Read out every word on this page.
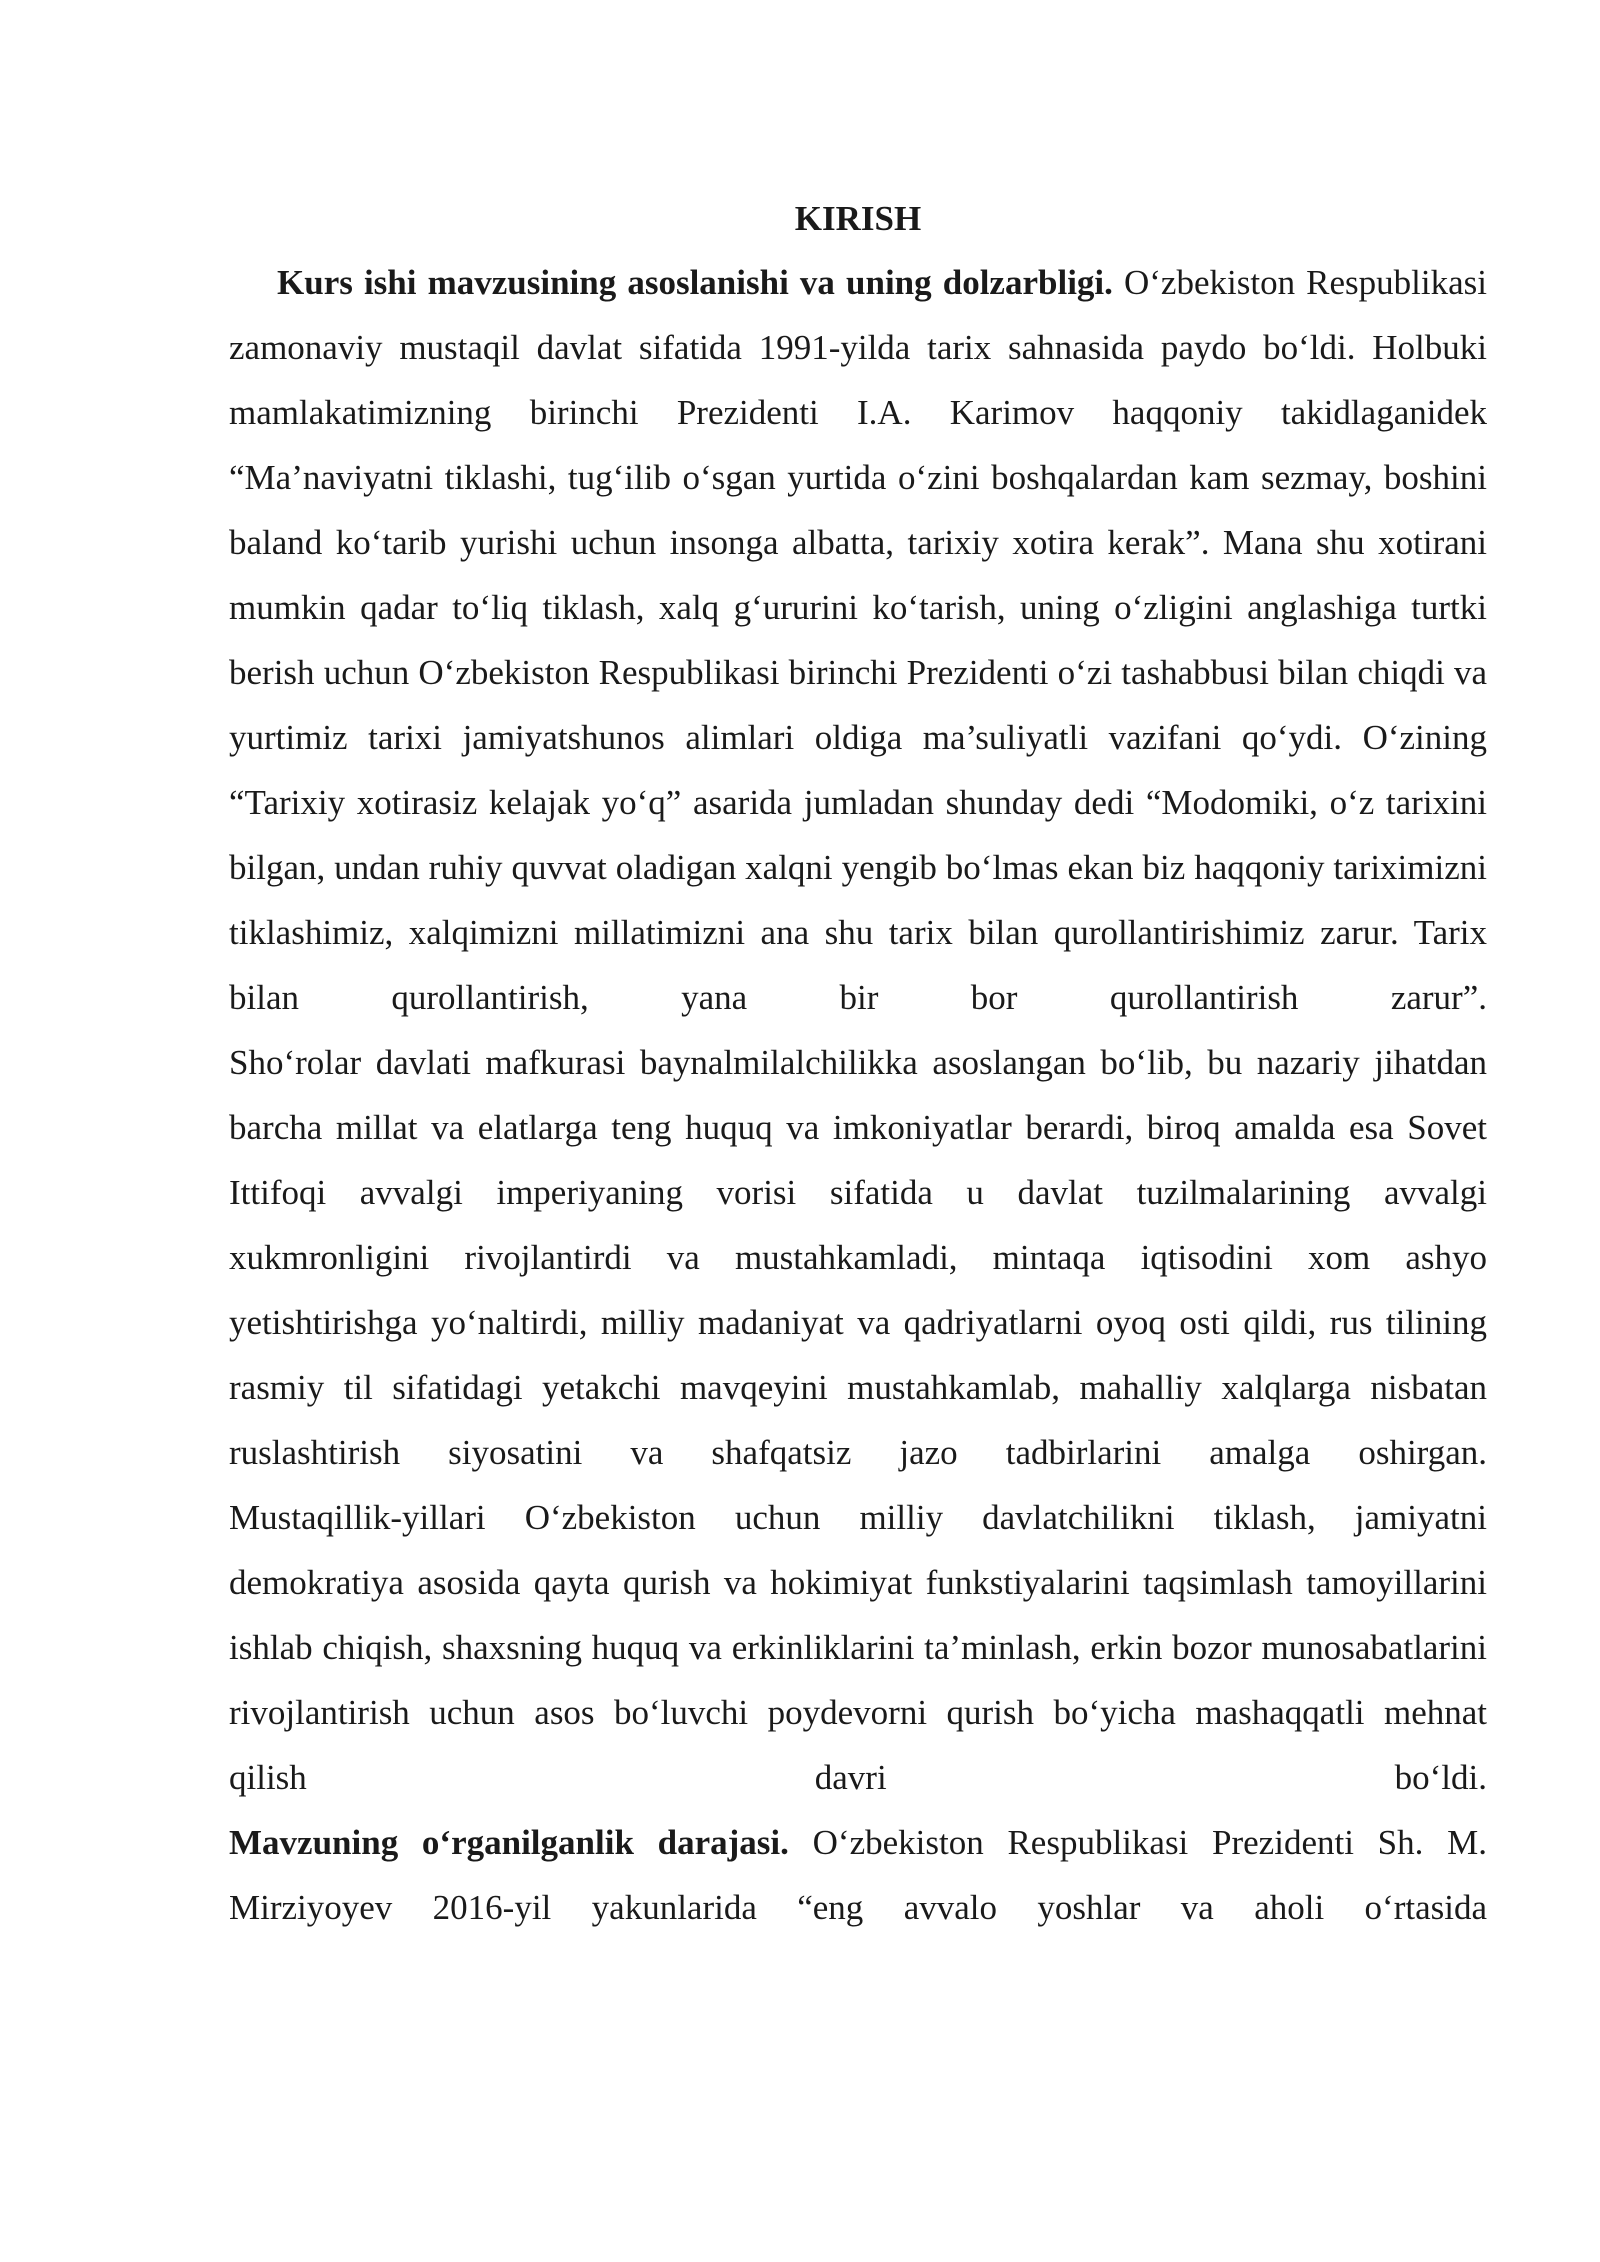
KIRISH

Kurs ishi mavzusining asoslanishi va uning dolzarbligi. O‘zbekiston Respublikasi zamonaviy mustaqil davlat sifatida 1991-yilda tarix sahnasida paydo bo‘ldi. Holbuki mamlakatimizning birinchi Prezidenti I.A. Karimov haqqoniy takidlaganidek “Ma’naviyatni tiklashi, tug‘ilib o‘sgan yurtida o‘zini boshqalardan kam sezmay, boshini baland ko‘tarib yurishi uchun insonga albatta, tarixiy xotira kerak”. Mana shu xotirani mumkin qadar to‘liq tiklash, xalq g‘ururini ko‘tarish, uning o‘zligini anglashiga turtki berish uchun O‘zbekiston Respublikasi birinchi Prezidenti o‘zi tashabbusi bilan chiqdi va yurtimiz tarixi jamiyatshunos alimlari oldiga ma’suliyatli vazifani qo‘ydi. O‘zining “Tarixiy xotirasiz kelajak yo‘q” asarida jumladan shunday dedi “Modomiki, o‘z tarixini bilgan, undan ruhiy quvvat oladigan xalqni yengib bo‘lmas ekan biz haqqoniy tariximizni tiklashimiz, xalqimizni millatimizni ana shu tarix bilan qurollantirishimiz zarur. Tarix bilan qurollantirish, yana bir bor qurollantirish zarur”.

Sho‘rolar davlati mafkurasi baynalmilalchilikka asoslangan bo‘lib, bu nazariy jihatdan barcha millat va elatlarga teng huquq va imkoniyatlar berardi, biroq amalda esa Sovet Ittifoqi avvalgi imperiyaning vorisi sifatida u davlat tuzilmalarining avvalgi xukmronligini rivojlantirdi va mustahkamladi, mintaqa iqtisodini xom ashyo yetishtirishga yo‘naltirdi, milliy madaniyat va qadriyatlarni oyoq osti qildi, rus tilining rasmiy til sifatidagi yetakchi mavqeyini mustahkamlab, mahalliy xalqlarga nisbatan ruslashtirish siyosatini va shafqatsiz jazo tadbirlarini amalga oshirgan.

Mustaqillik-yillari O‘zbekiston uchun milliy davlatchilikni tiklash, jamiyatni demokratiya asosida qayta qurish va hokimiyat funkstiyalarini taqsimlash tamoyillarini ishlab chiqish, shaxsning huquq va erkinliklarini ta’minlash, erkin bozor munosabatlarini rivojlantirish uchun asos bo‘luvchi poydevorni qurish bo‘yicha mashaqqatli mehnat qilish davri bo‘ldi.

Mavzuning o‘rganilganlik darajasi. O‘zbekiston Respublikasi Prezidenti Sh. M. Mirziyoyev 2016-yil yakunlarida “eng avvalo yoshlar va aholi o‘rtasida
